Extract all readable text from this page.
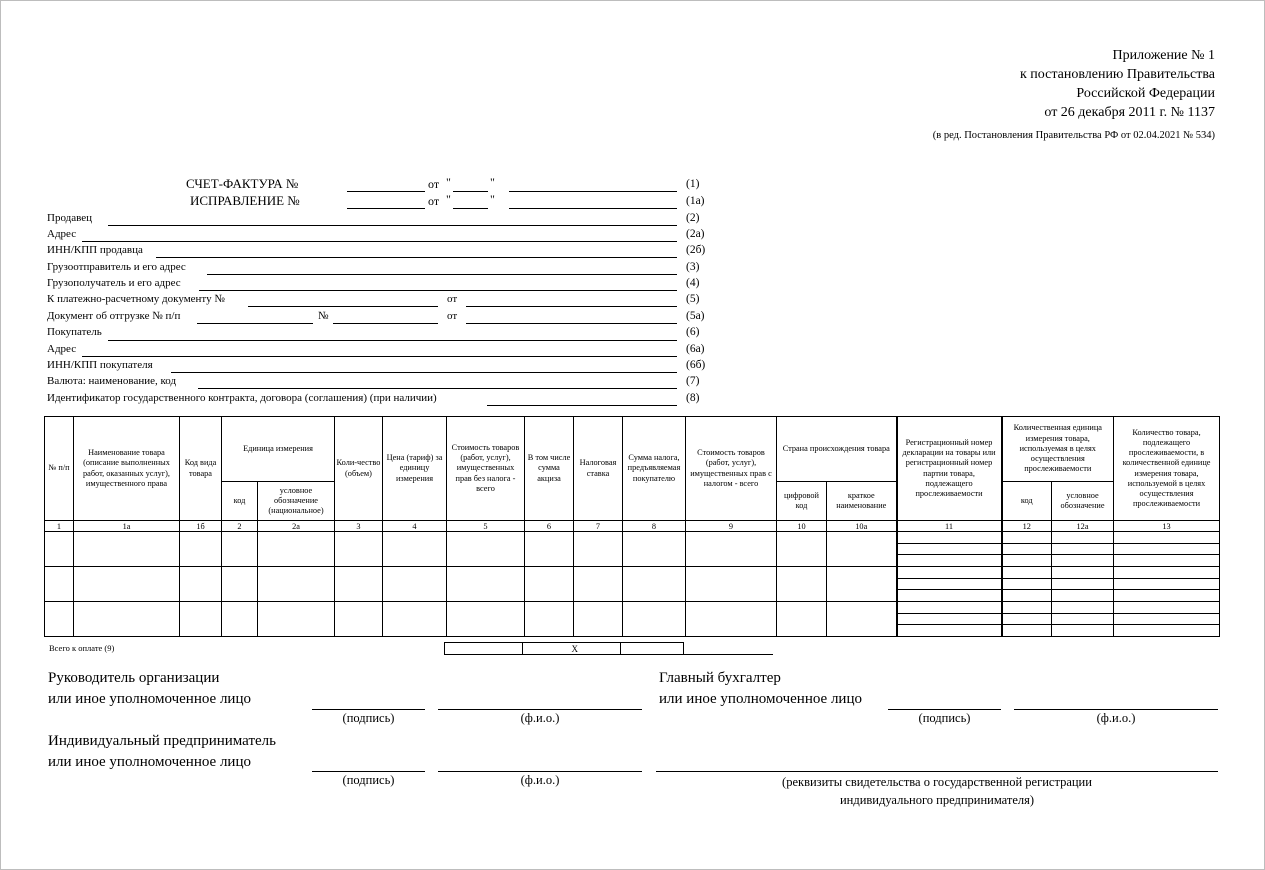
Приложение № 1
к постановлению Правительства
Российской Федерации
от 26 декабря 2011 г. № 1137
(в ред. Постановления Правительства РФ от 02.04.2021 № 534)
СЧЕТ-ФАКТУРА №	от "	"	(1)
ИСПРАВЛЕНИЕ №	от "	"	(1а)
Продавец	(2)
Адрес	(2а)
ИНН/КПП продавца	(2б)
Грузоотправитель и его адрес	(3)
Грузополучатель и его адрес	(4)
К платежно-расчетному документу №	от	(5)
Документ об отгрузке № п/п	№	от	(5а)
Покупатель	(6)
Адрес	(6а)
ИНН/КПП покупателя	(6б)
Валюта: наименование, код	(7)
Идентификатор государственного контракта, договора (соглашения) (при наличии)	(8)
№ п/п	Наименование товара (описание выполненных работ, оказанных услуг), имущественного права	Код вида товара	Единица измерения		Коли-чество (объем)	Цена (тариф) за единицу измерения	Стоимость товаров (работ, услуг), имущественных прав без налога - всего	В том числе сумма акциза	Налоговая ставка	Сумма налога, предъявляемая покупателю	Стоимость товаров (работ, услуг), имущественных прав с налогом - всего	Страна происхождения товара		Регистрационный номер декларации на товары или регистрационный номер партии товара, подлежащего прослеживаемости	Количественная единица измерения товара, используемая в целях осуществления прослеживаемости		Количество товара, подлежащего прослеживаемости, в количественной единице измерения товара, используемой в целях осуществления прослеживаемости
			код	условное обозначение (национальное)								цифровой код	краткое наименование		код	условное обозначение	
1	1а	1б	2	2а	3	4	5	6	7	8	9	10	10а	11	12	12а	13

Всего к оплате (9)
			X	
Руководитель организации
или иное уполномоченное лицо
(подпись)	(ф.и.о.)
Главный бухгалтер
или иное уполномоченное лицо
(подпись)	(ф.и.о.)
Индивидуальный предприниматель
или иное уполномоченное лицо
(подпись)	(ф.и.о.)	(реквизиты свидетельства о государственной регистрации
индивидуального предпринимателя)
